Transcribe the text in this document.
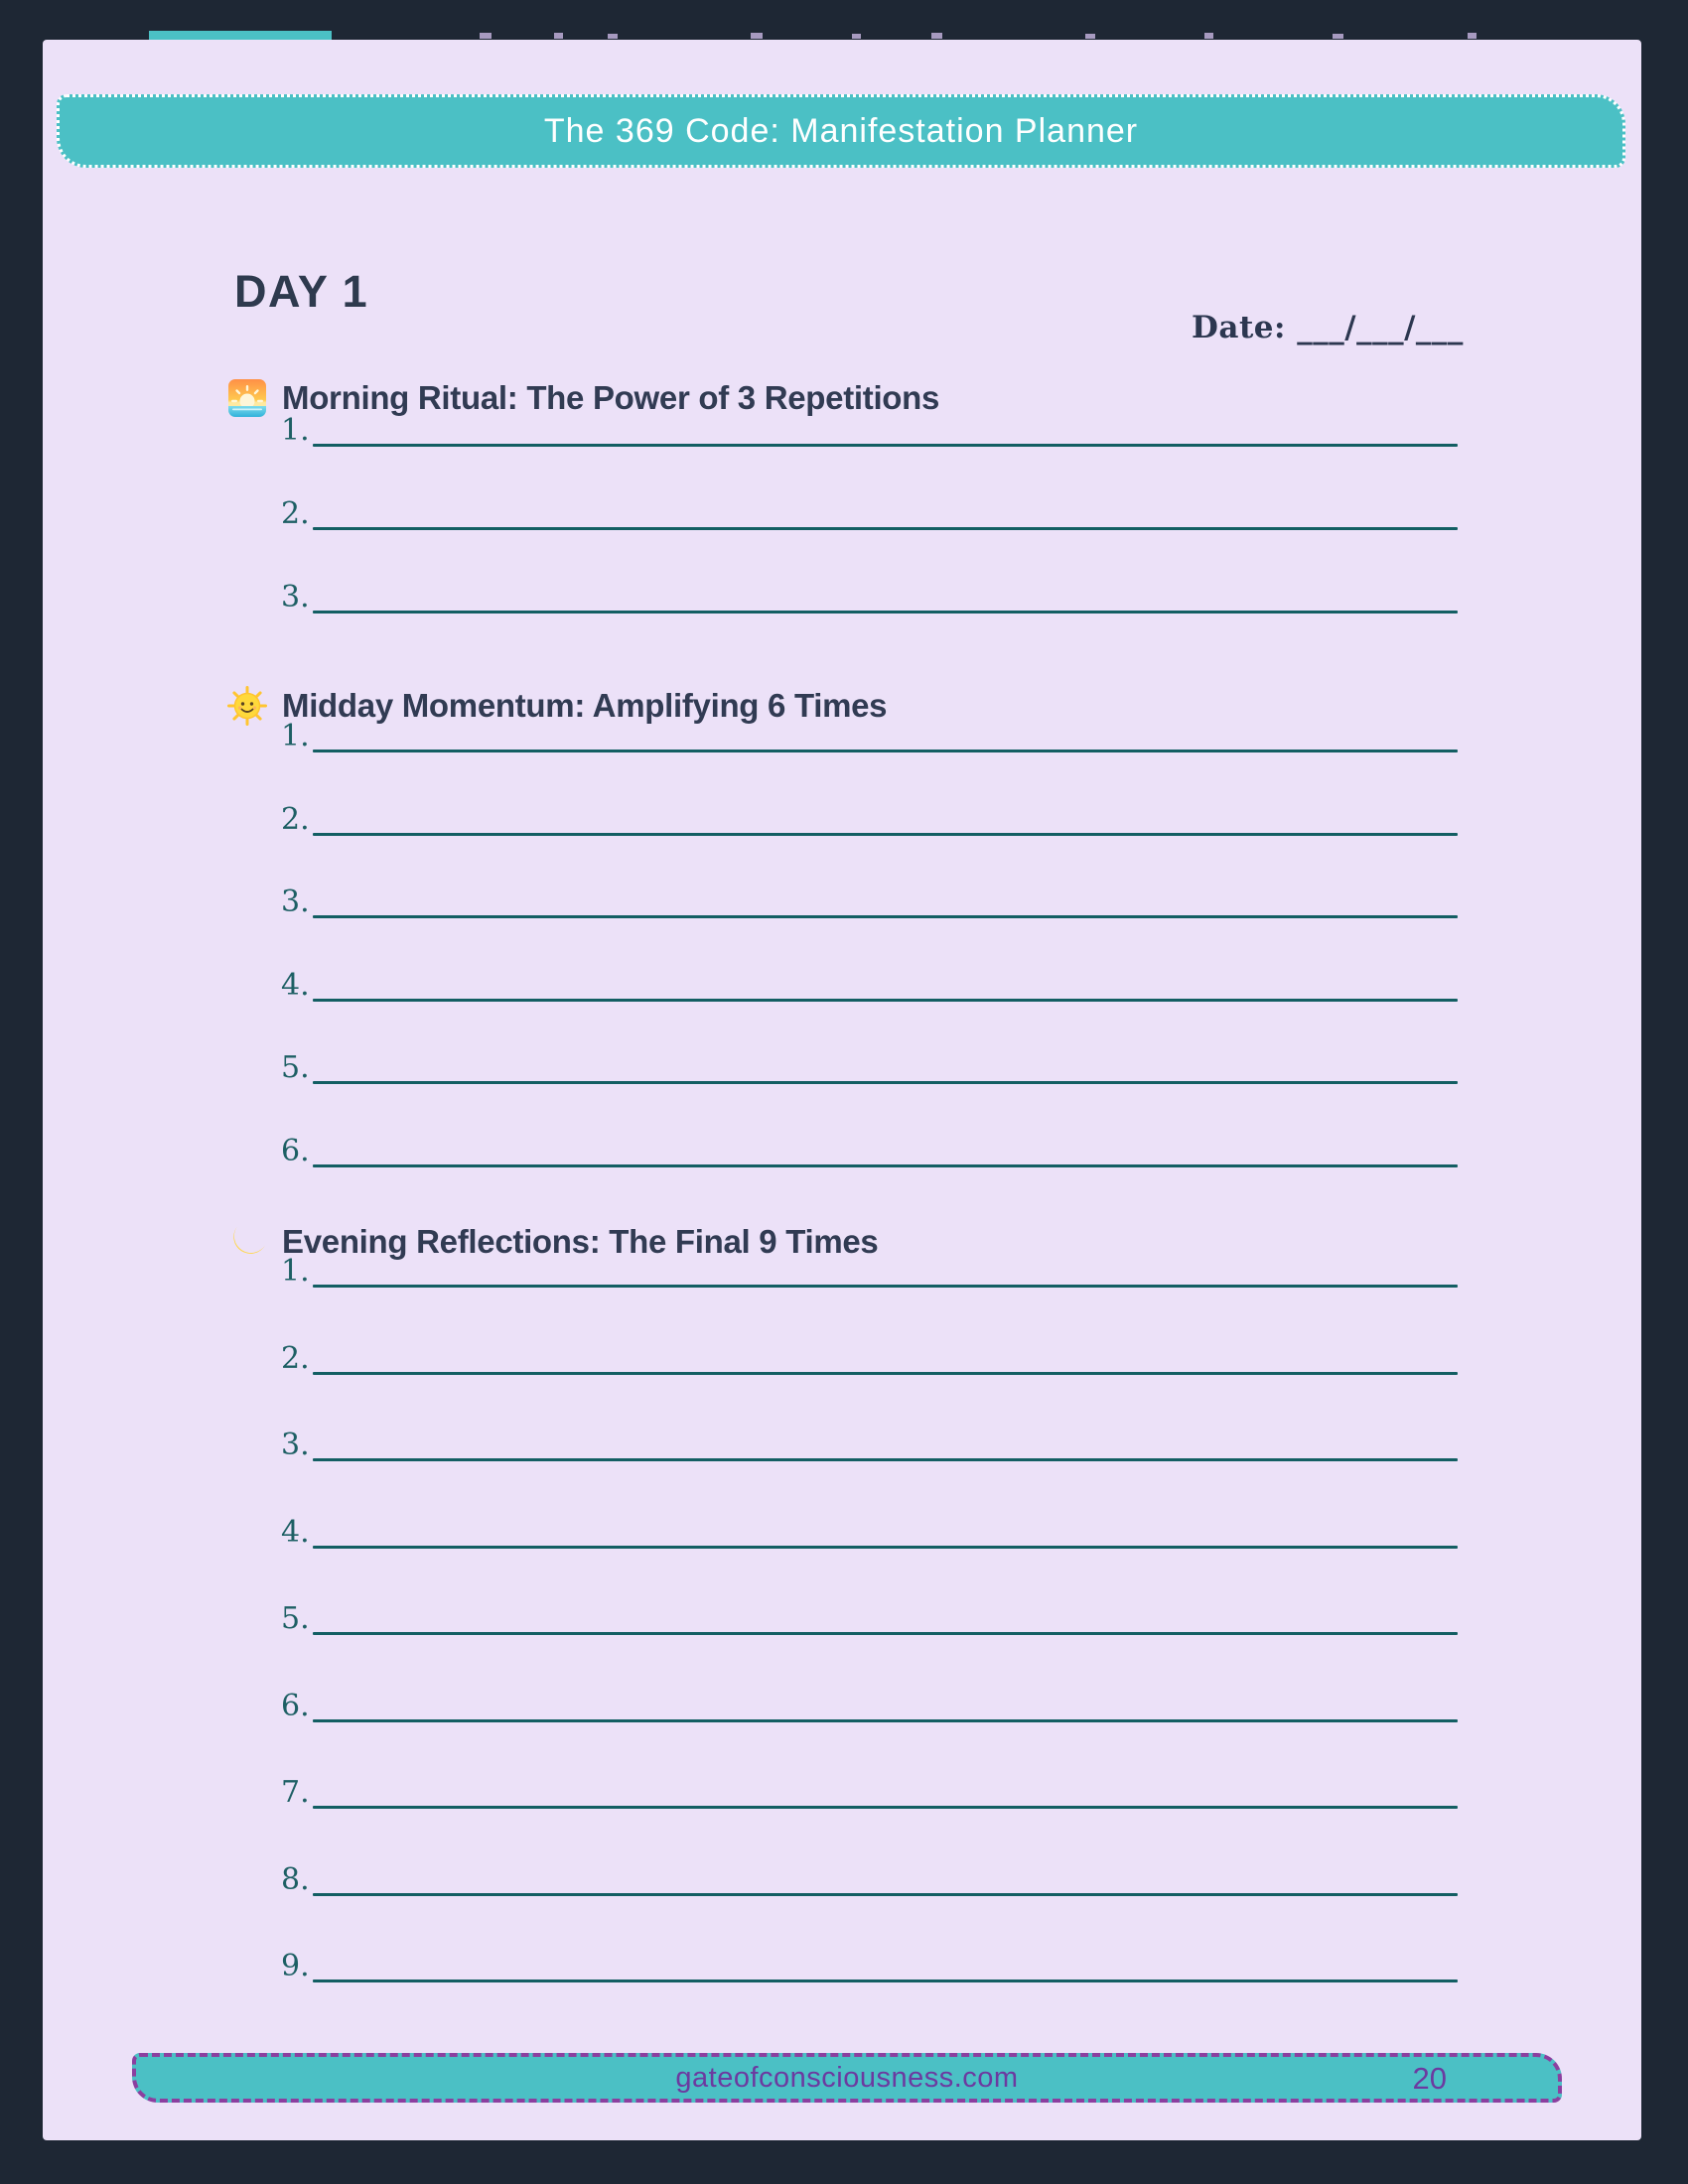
The 369 Code: Manifestation Planner
DAY 1
Date: ___/___/___
Morning Ritual: The Power of 3 Repetitions
1.
2.
3.
Midday Momentum: Amplifying 6 Times
1.
2.
3.
4.
5.
6.
Evening Reflections: The Final 9 Times
1.
2.
3.
4.
5.
6.
7.
8.
9.
gateofconsciousness.com	20
